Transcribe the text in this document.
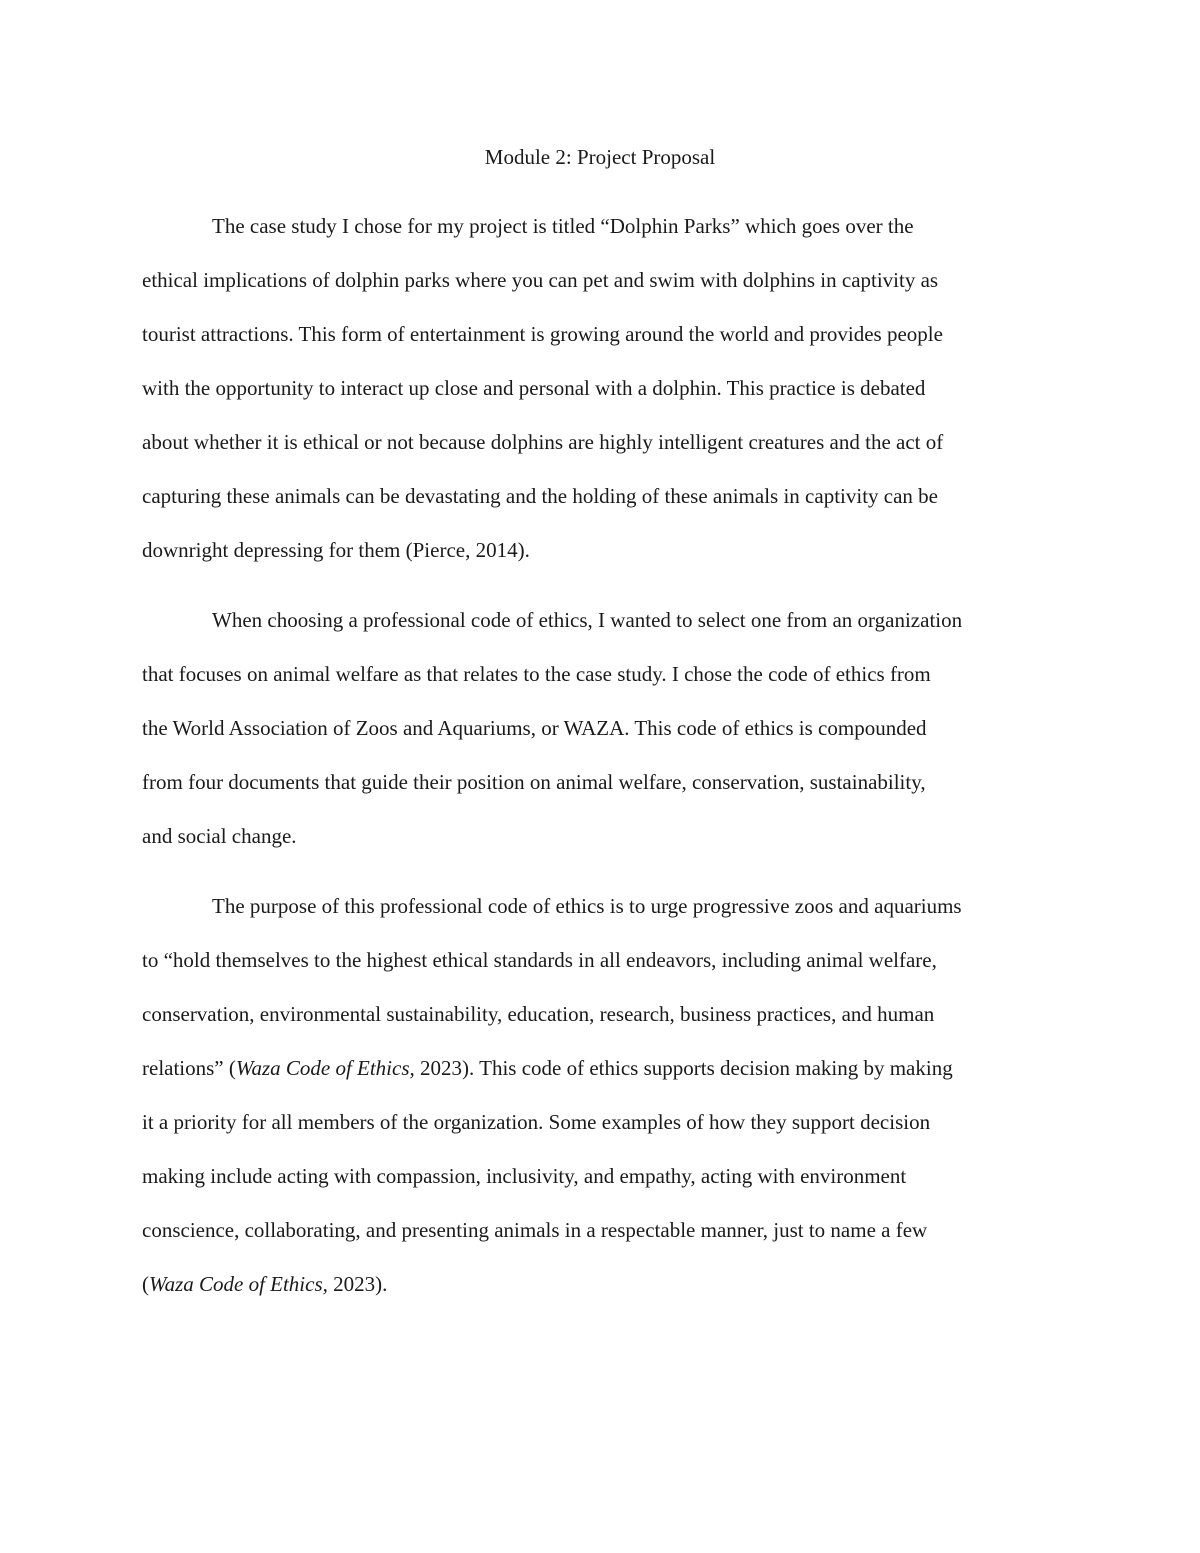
Module 2: Project Proposal

The case study I chose for my project is titled “Dolphin Parks” which goes over the

ethical implications of dolphin parks where you can pet and swim with dolphins in captivity as

tourist attractions. This form of entertainment is growing around the world and provides people

with the opportunity to interact up close and personal with a dolphin. This practice is debated

about whether it is ethical or not because dolphins are highly intelligent creatures and the act of

capturing these animals can be devastating and the holding of these animals in captivity can be

downright depressing for them (Pierce, 2014).

When choosing a professional code of ethics, I wanted to select one from an organization

that focuses on animal welfare as that relates to the case study. I chose the code of ethics from

the World Association of Zoos and Aquariums, or WAZA. This code of ethics is compounded

from four documents that guide their position on animal welfare, conservation, sustainability,

and social change.

The purpose of this professional code of ethics is to urge progressive zoos and aquariums

to “hold themselves to the highest ethical standards in all endeavors, including animal welfare,

conservation, environmental sustainability, education, research, business practices, and human

relations” (Waza Code of Ethics, 2023). This code of ethics supports decision making by making

it a priority for all members of the organization. Some examples of how they support decision

making include acting with compassion, inclusivity, and empathy, acting with environment

conscience, collaborating, and presenting animals in a respectable manner, just to name a few

(Waza Code of Ethics, 2023).
